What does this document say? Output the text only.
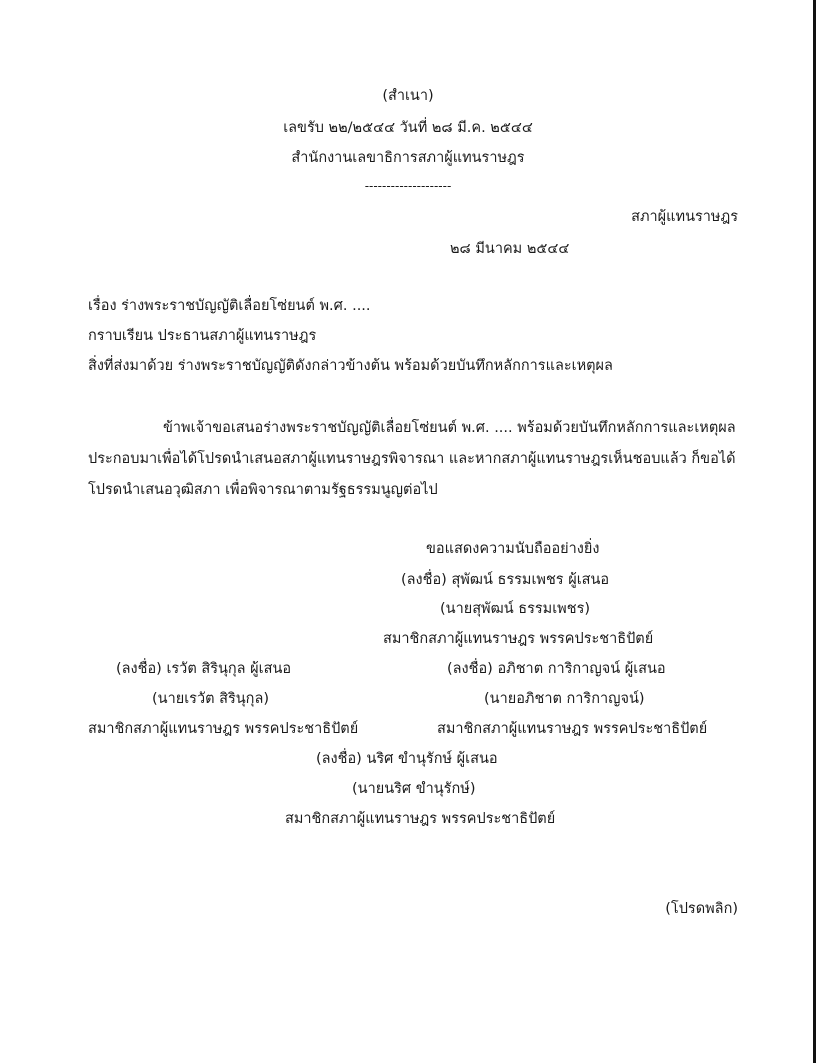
(สำเนา)
เลขรับ ๒๒/๒๕๔๔ วันที่ ๒๘ มี.ค. ๒๕๔๔
สำนักงานเลขาธิการสภาผู้แทนราษฎร
--------------------
สภาผู้แทนราษฎร
๒๘ มีนาคม ๒๕๔๔
เรื่อง ร่างพระราชบัญญัติเลื่อยโซ่ยนต์ พ.ศ. ....
กราบเรียน ประธานสภาผู้แทนราษฎร
สิ่งที่ส่งมาด้วย ร่างพระราชบัญญัติดังกล่าวข้างต้น พร้อมด้วยบันทึกหลักการและเหตุผล
ข้าพเจ้าขอเสนอร่างพระราชบัญญัติเลื่อยโซ่ยนต์ พ.ศ. .... พร้อมด้วยบันทึกหลักการและเหตุผล
ประกอบมาเพื่อได้โปรดนำเสนอสภาผู้แทนราษฎรพิจารณา และหากสภาผู้แทนราษฎรเห็นชอบแล้ว ก็ขอได้
โปรดนำเสนอวุฒิสภา เพื่อพิจารณาตามรัฐธรรมนูญต่อไป
ขอแสดงความนับถืออย่างยิ่ง
(ลงชื่อ) สุพัฒน์ ธรรมเพชร ผู้เสนอ
(นายสุพัฒน์ ธรรมเพชร)
สมาชิกสภาผู้แทนราษฎร พรรคประชาธิปัตย์
(ลงชื่อ) เรวัต สิรินุกุล ผู้เสนอ
(นายเรวัต สิรินุกุล)
สมาชิกสภาผู้แทนราษฎร พรรคประชาธิปัตย์
(ลงชื่อ) อภิชาต การิกาญจน์ ผู้เสนอ
(นายอภิชาต การิกาญจน์)
สมาชิกสภาผู้แทนราษฎร พรรคประชาธิปัตย์
(ลงชื่อ) นริศ ขำนุรักษ์ ผู้เสนอ
(นายนริศ ขำนุรักษ์)
สมาชิกสภาผู้แทนราษฎร พรรคประชาธิปัตย์
(โปรดพลิก)
